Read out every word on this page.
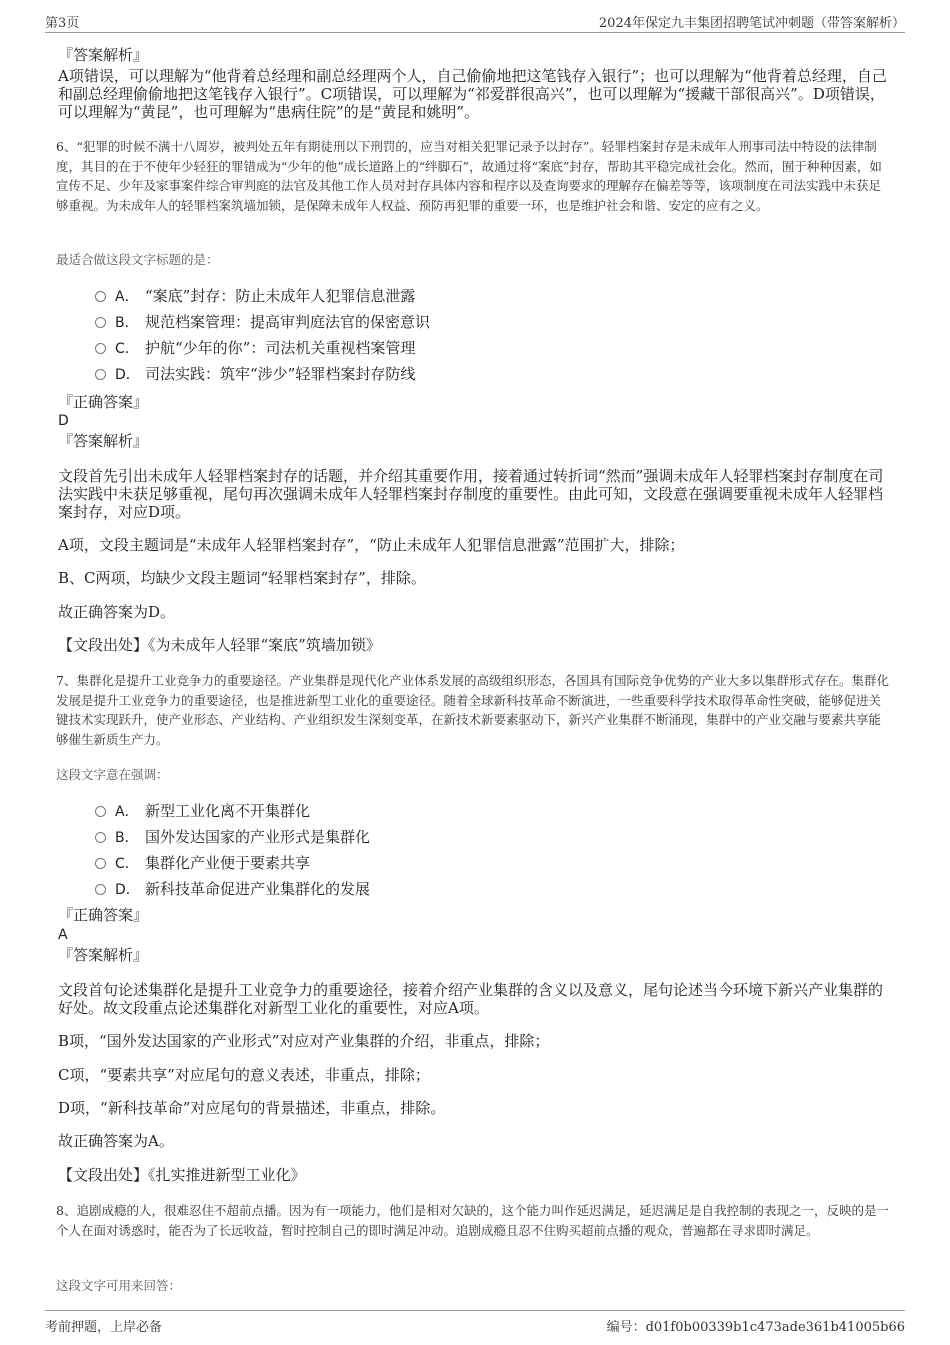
第3页	2024年保定九丰集团招聘笔试冲刺题（带答案解析）
『答案解析』
A项错误，可以理解为“他背着总经理和副总经理两个人，自己偷偷地把这笔钱存入银行”；也可以理解为“他背着总经理，自己和副总经理偷偷地把这笔钱存入银行”。C项错误，可以理解为“祁爱群很高兴”，也可以理解为“援藏干部很高兴”。D项错误，可以理解为“黄昆”，也可理解为“患病住院”的是“黄昆和姚明”。
6、“犯罪的时候不满十八周岁，被判处五年有期徒刑以下刑罚的，应当对相关犯罪记录予以封存”。轻罪档案封存是未成年人刑事司法中特设的法律制度，其目的在于不使年少轻狂的罪错成为“少年的他”成长道路上的“绊脚石”，故通过将“案底”封存，帮助其平稳完成社会化。然而，囿于种种因素，如宣传不足、少年及家事案件综合审判庭的法官及其他工作人员对封存具体内容和程序以及查询要求的理解存在偏差等等，该项制度在司法实践中未获足够重视。为未成年人的轻罪档案筑墙加锁，是保障未成年人权益、预防再犯罪的重要一环，也是维护社会和谐、安定的应有之义。
最适合做这段文字标题的是：
A． “案底”封存：防止未成年人犯罪信息泄露
B． 规范档案管理：提高审判庭法官的保密意识
C． 护航“少年的你”：司法机关重视档案管理
D． 司法实践：筑牢“涉少”轻罪档案封存防线
『正确答案』
D
『答案解析』
文段首先引出未成年人轻罪档案封存的话题，并介绍其重要作用，接着通过转折词“然而”强调未成年人轻罪档案封存制度在司法实践中未获足够重视，尾句再次强调未成年人轻罪档案封存制度的重要性。由此可知，文段意在强调要重视未成年人轻罪档案封存，对应D项。
A项，文段主题词是“未成年人轻罪档案封存”，“防止未成年人犯罪信息泄露”范围扩大，排除；
B、C两项，均缺少文段主题词“轻罪档案封存”，排除。
故正确答案为D。
【文段出处】《为未成年人轻罪“案底”筑墙加锁》
7、集群化是提升工业竞争力的重要途径。产业集群是现代化产业体系发展的高级组织形态，各国具有国际竞争优势的产业大多以集群形式存在。集群化发展是提升工业竞争力的重要途径，也是推进新型工业化的重要途径。随着全球新科技革命不断演进，一些重要科学技术取得革命性突破，能够促进关键技术实现跃升，使产业形态、产业结构、产业组织发生深刻变革，在新技术新要素驱动下，新兴产业集群不断涌现，集群中的产业交融与要素共享能够催生新质生产力。
这段文字意在强调：
A． 新型工业化离不开集群化
B． 国外发达国家的产业形式是集群化
C． 集群化产业便于要素共享
D． 新科技革命促进产业集群化的发展
『正确答案』
A
『答案解析』
文段首句论述集群化是提升工业竞争力的重要途径，接着介绍产业集群的含义以及意义，尾句论述当今环境下新兴产业集群的好处。故文段重点论述集群化对新型工业化的重要性，对应A项。
B项，“国外发达国家的产业形式”对应对产业集群的介绍，非重点，排除；
C项，“要素共享”对应尾句的意义表述，非重点，排除；
D项，“新科技革命”对应尾句的背景描述，非重点，排除。
故正确答案为A。
【文段出处】《扎实推进新型工业化》
8、追剧成瘾的人，很难忍住不超前点播。因为有一项能力，他们是相对欠缺的，这个能力叫作延迟满足，延迟满足是自我控制的表现之一，反映的是一个人在面对诱惑时，能否为了长远收益，暂时控制自己的即时满足冲动。追剧成瘾且忍不住购买超前点播的观众，普遍都在寻求即时满足。
这段文字可用来回答：
考前押题，上岸必备	编号：d01f0b00339b1c473ade361b41005b66
